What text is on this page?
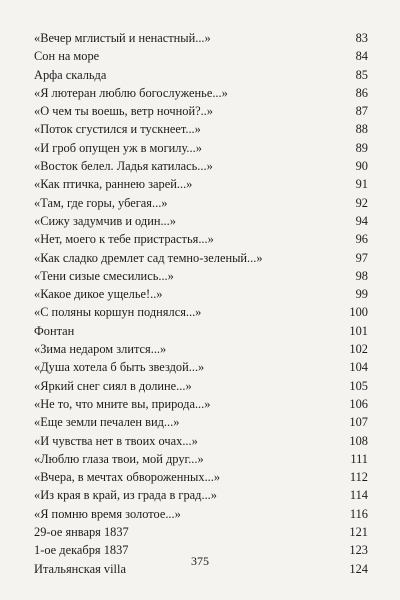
«Вечер мглистый и ненастный...»	83
Сон на море	84
Арфа скальда	85
«Я лютеран люблю богослуженье...»	86
«О чем ты воешь, ветр ночной?..»	87
«Поток сгустился и тускнеет...»	88
«И гроб опущен уж в могилу...»	89
«Восток белел. Ладья катилась...»	90
«Как птичка, раннею зарей...»	91
«Там, где горы, убегая...»	92
«Сижу задумчив и один...»	94
«Нет, моего к тебе пристрастья...»	96
«Как сладко дремлет сад темно-зеленый...»	97
«Тени сизые смесились...»	98
«Какое дикое ущелье!..»	99
«С поляны коршун поднялся...»	100
Фонтан	101
«Зима недаром злится...»	102
«Душа хотела б быть звездой...»	104
«Яркий снег сиял в долине...»	105
«Не то, что мните вы, природа...»	106
«Еще земли печален вид...»	107
«И чувства нет в твоих очах...»	108
«Люблю глаза твои, мой друг...»	111
«Вчера, в мечтах обвороженных...»	112
«Из края в край, из града в град...»	114
«Я помню время золотое...»	116
29-ое января 1837	121
1-ое декабря 1837	123
Итальянская villa	124
375
